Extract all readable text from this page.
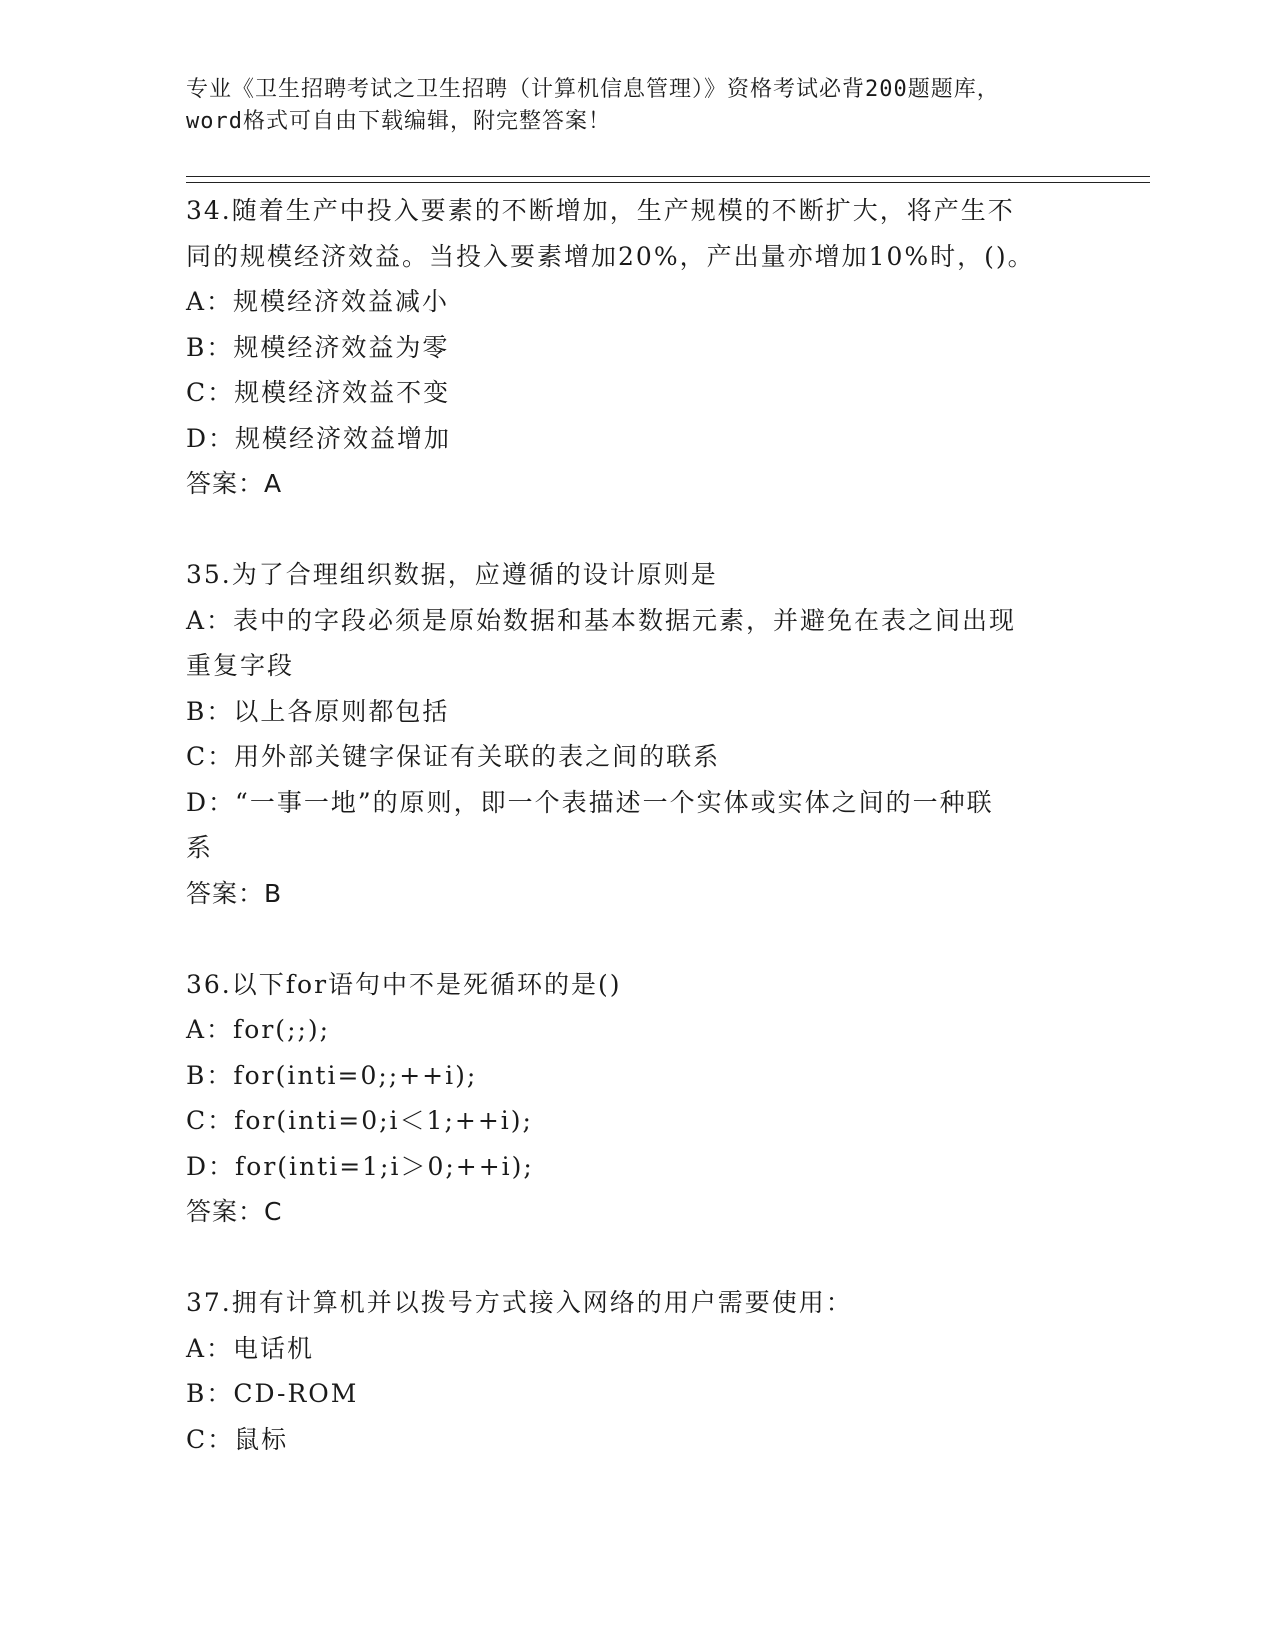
专业《卫生招聘考试之卫生招聘（计算机信息管理）》资格考试必背200题题库，
word格式可自由下载编辑，附完整答案！
34.随着生产中投入要素的不断增加，生产规模的不断扩大，将产生不
同的规模经济效益。当投入要素增加20%，产出量亦增加10%时，()。
A：规模经济效益减小
B：规模经济效益为零
C：规模经济效益不变
D：规模经济效益增加
答案：A
35.为了合理组织数据，应遵循的设计原则是
A：表中的字段必须是原始数据和基本数据元素，并避免在表之间出现
重复字段
B：以上各原则都包括
C：用外部关键字保证有关联的表之间的联系
D：“一事一地”的原则，即一个表描述一个实体或实体之间的一种联
系
答案：B
36.以下for语句中不是死循环的是()
A：for(;;);
B：for(inti=0;;++i);
C：for(inti=0;i＜1;++i);
D：for(inti=1;i＞0;++i);
答案：C
37.拥有计算机并以拨号方式接入网络的用户需要使用：
A：电话机
B：CD-ROM
C：鼠标
